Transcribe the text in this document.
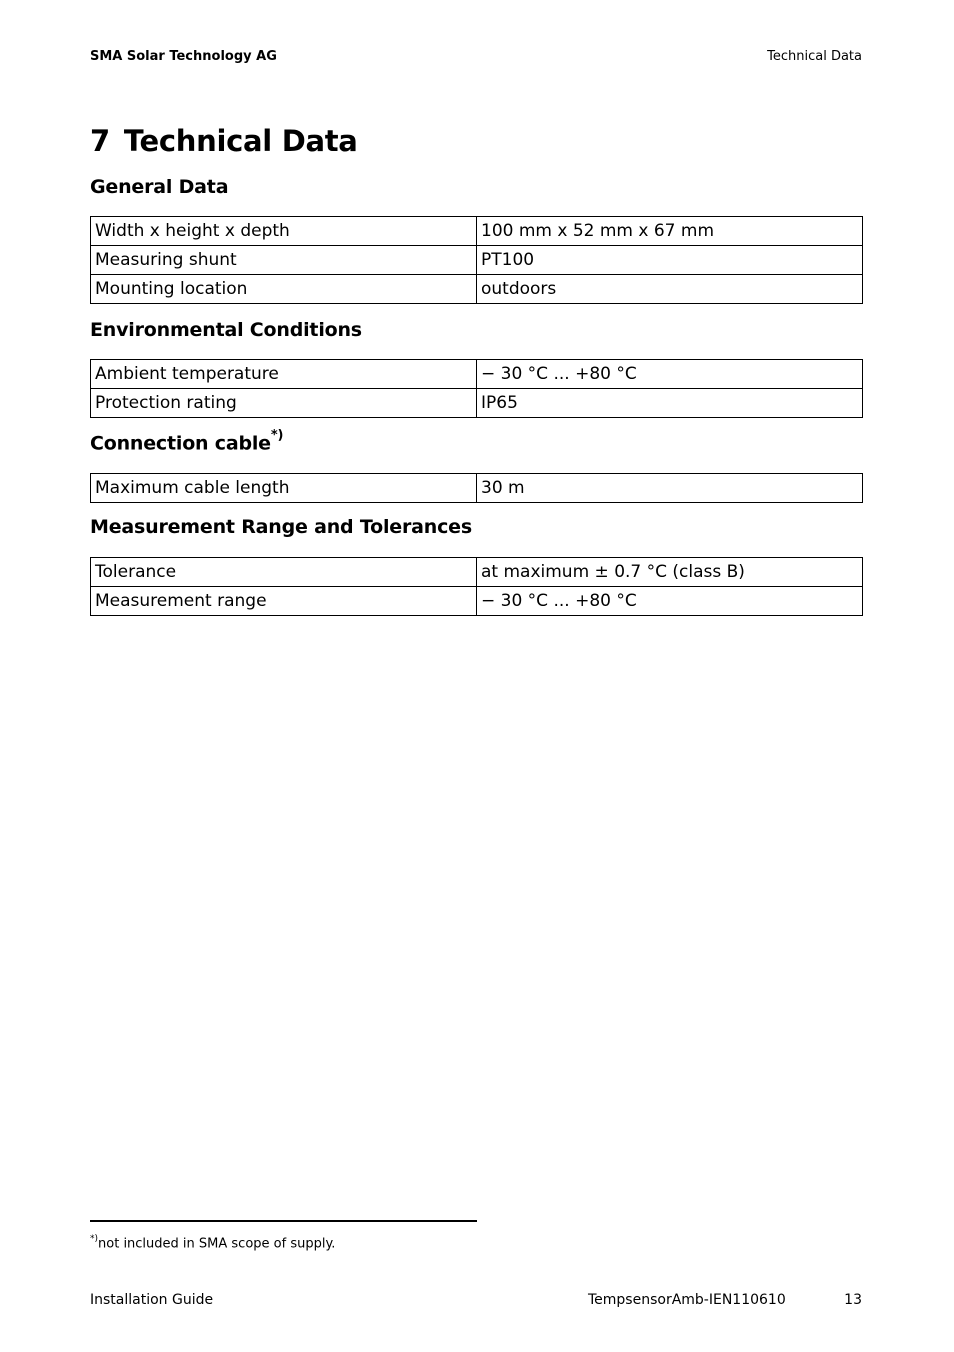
SMA Solar Technology AG	Technical Data
7 Technical Data
General Data
Width x height x depth	100 mm x 52 mm x 67 mm
Measuring shunt	PT100
Mounting location	outdoors
Environmental Conditions
Ambient temperature	− 30 °C ... +80 °C
Protection rating	IP65
Connection cable*)
Maximum cable length	30 m
Measurement Range and Tolerances
Tolerance	at maximum ± 0.7 °C (class B)
Measurement range	− 30 °C ... +80 °C
*)not included in SMA scope of supply.
Installation Guide	TempsensorAmb-IEN110610	13
